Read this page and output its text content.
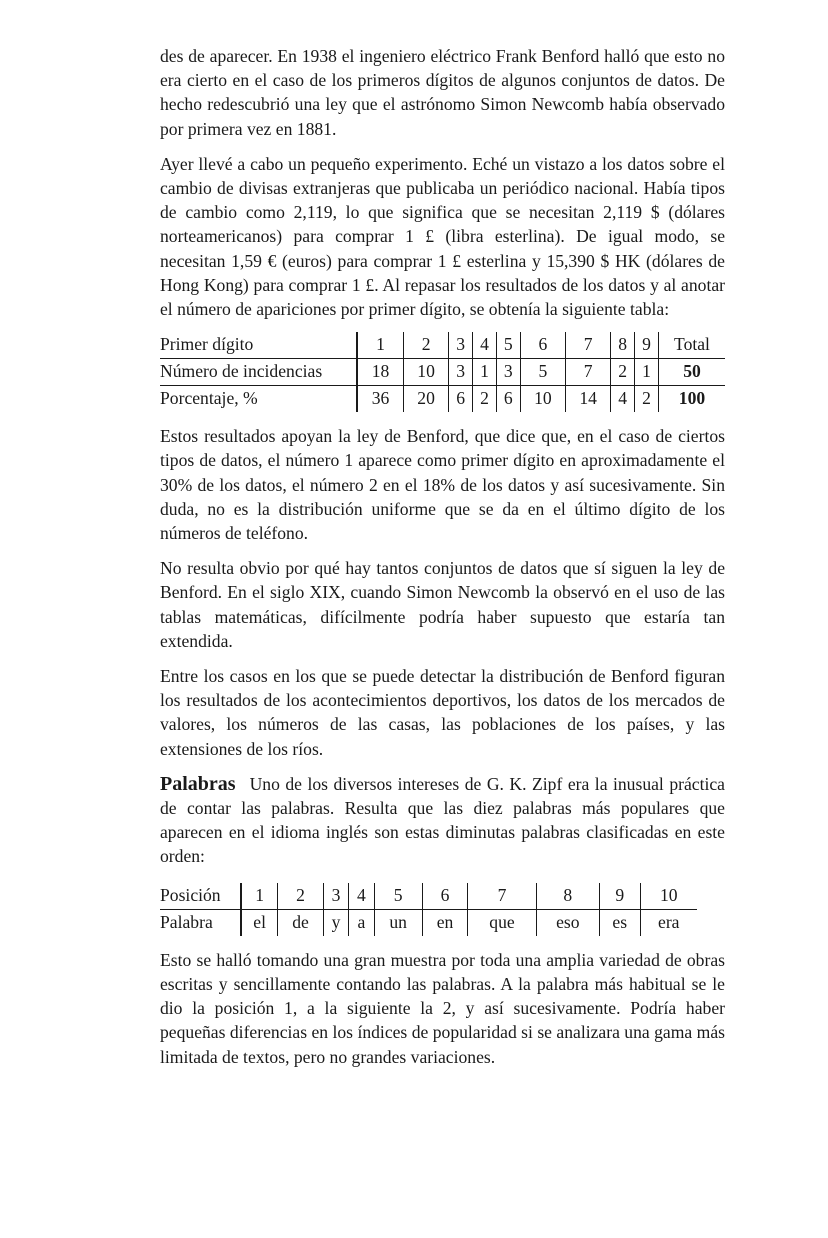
des de aparecer. En 1938 el ingeniero eléctrico Frank Benford halló que esto no era cierto en el caso de los primeros dígitos de algunos conjuntos de datos. De hecho redescubrió una ley que el astrónomo Simon Newcomb había observado por primera vez en 1881.

Ayer llevé a cabo un pequeño experimento. Eché un vistazo a los datos sobre el cambio de divisas extranjeras que publicaba un periódico nacional. Había tipos de cambio como 2,119, lo que significa que se necesitan 2,119 $ (dólares norteamericanos) para comprar 1 £ (libra esterlina). De igual modo, se necesitan 1,59 € (euros) para comprar 1 £ esterlina y 15,390 $ HK (dólares de Hong Kong) para comprar 1 £. Al repasar los resultados de los datos y al anotar el número de apariciones por primer dígito, se obtenía la siguiente tabla:

Primer dígito	1	2	3	4	5	6	7	8	9	Total
Número de incidencias	18	10	3	1	3	5	7	2	1	50
Porcentaje, %	36	20	6	2	6	10	14	4	2	100

Estos resultados apoyan la ley de Benford, que dice que, en el caso de ciertos tipos de datos, el número 1 aparece como primer dígito en aproximadamente el 30% de los datos, el número 2 en el 18% de los datos y así sucesivamente. Sin duda, no es la distribución uniforme que se da en el último dígito de los números de teléfono.

No resulta obvio por qué hay tantos conjuntos de datos que sí siguen la ley de Benford. En el siglo XIX, cuando Simon Newcomb la observó en el uso de las tablas matemáticas, difícilmente podría haber supuesto que estaría tan extendida.

Entre los casos en los que se puede detectar la distribución de Benford figuran los resultados de los acontecimientos deportivos, los datos de los mercados de valores, los números de las casas, las poblaciones de los países, y las extensiones de los ríos.

Palabras Uno de los diversos intereses de G. K. Zipf era la inusual práctica de contar las palabras. Resulta que las diez palabras más populares que aparecen en el idioma inglés son estas diminutas palabras clasificadas en este orden:

Posición	1	2	3	4	5	6	7	8	9	10
Palabra	el	de	y	a	un	en	que	eso	es	era

Esto se halló tomando una gran muestra por toda una amplia variedad de obras escritas y sencillamente contando las palabras. A la palabra más habitual se le dio la posición 1, a la siguiente la 2, y así sucesivamente. Podría haber pequeñas diferencias en los índices de popularidad si se analizara una gama más limitada de textos, pero no grandes variaciones.
